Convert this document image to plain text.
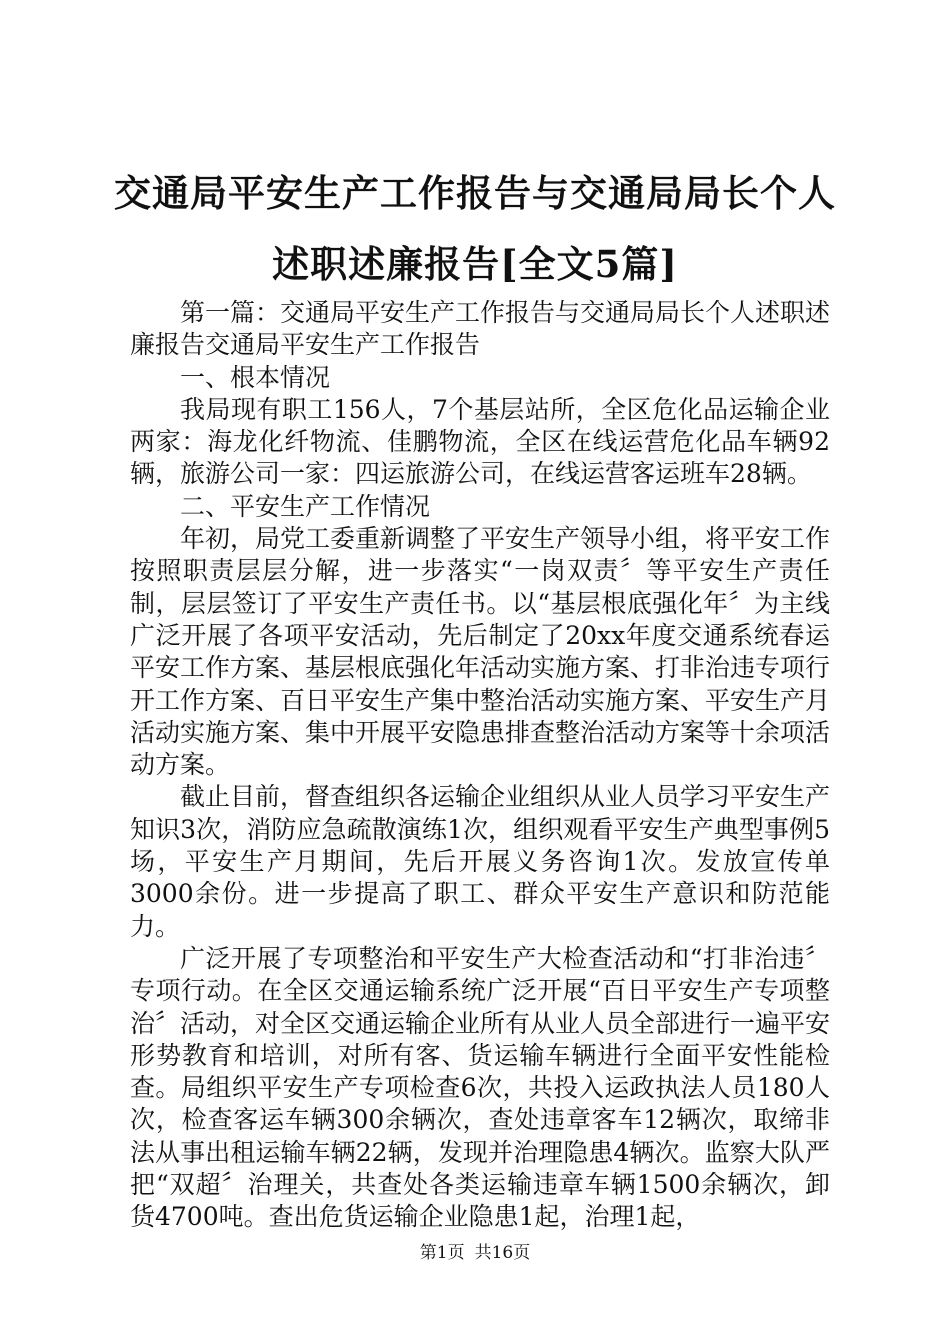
交通局平安生产工作报告与交通局局长个人述职述廉报告[全文5篇]

第一篇：交通局平安生产工作报告与交通局局长个人述职述廉报告交通局平安生产工作报告

一、根本情况

我局现有职工156人，7个基层站所，全区危化品运输企业两家：海龙化纤物流、佳鹏物流，全区在线运营危化品车辆92辆，旅游公司一家：四运旅游公司，在线运营客运班车28辆。

二、平安生产工作情况

年初，局党工委重新调整了平安生产领导小组，将平安工作按照职责层层分解，进一步落实“一岗双责〞等平安生产责任制，层层签订了平安生产责任书。以“基层根底强化年〞为主线广泛开展了各项平安活动，先后制定了20xx年度交通系统春运平安工作方案、基层根底强化年活动实施方案、打非治违专项行开工作方案、百日平安生产集中整治活动实施方案、平安生产月活动实施方案、集中开展平安隐患排查整治活动方案等十余项活动方案。

截止目前，督查组织各运输企业组织从业人员学习平安生产知识3次，消防应急疏散演练1次，组织观看平安生产典型事例5场，平安生产月期间，先后开展义务咨询1次。发放宣传单3000余份。进一步提高了职工、群众平安生产意识和防范能力。

广泛开展了专项整治和平安生产大检查活动和“打非治违〞专项行动。在全区交通运输系统广泛开展“百日平安生产专项整治〞活动，对全区交通运输企业所有从业人员全部进行一遍平安形势教育和培训，对所有客、货运输车辆进行全面平安性能检查。局组织平安生产专项检查6次，共投入运政执法人员180人次，检查客运车辆300余辆次，查处违章客车12辆次，取缔非法从事出租运输车辆22辆，发现并治理隐患4辆次。监察大队严把“双超〞治理关，共查处各类运输违章车辆1500余辆次，卸货4700吨。查出危货运输企业隐患1起，治理1起，

第1页 共16页
